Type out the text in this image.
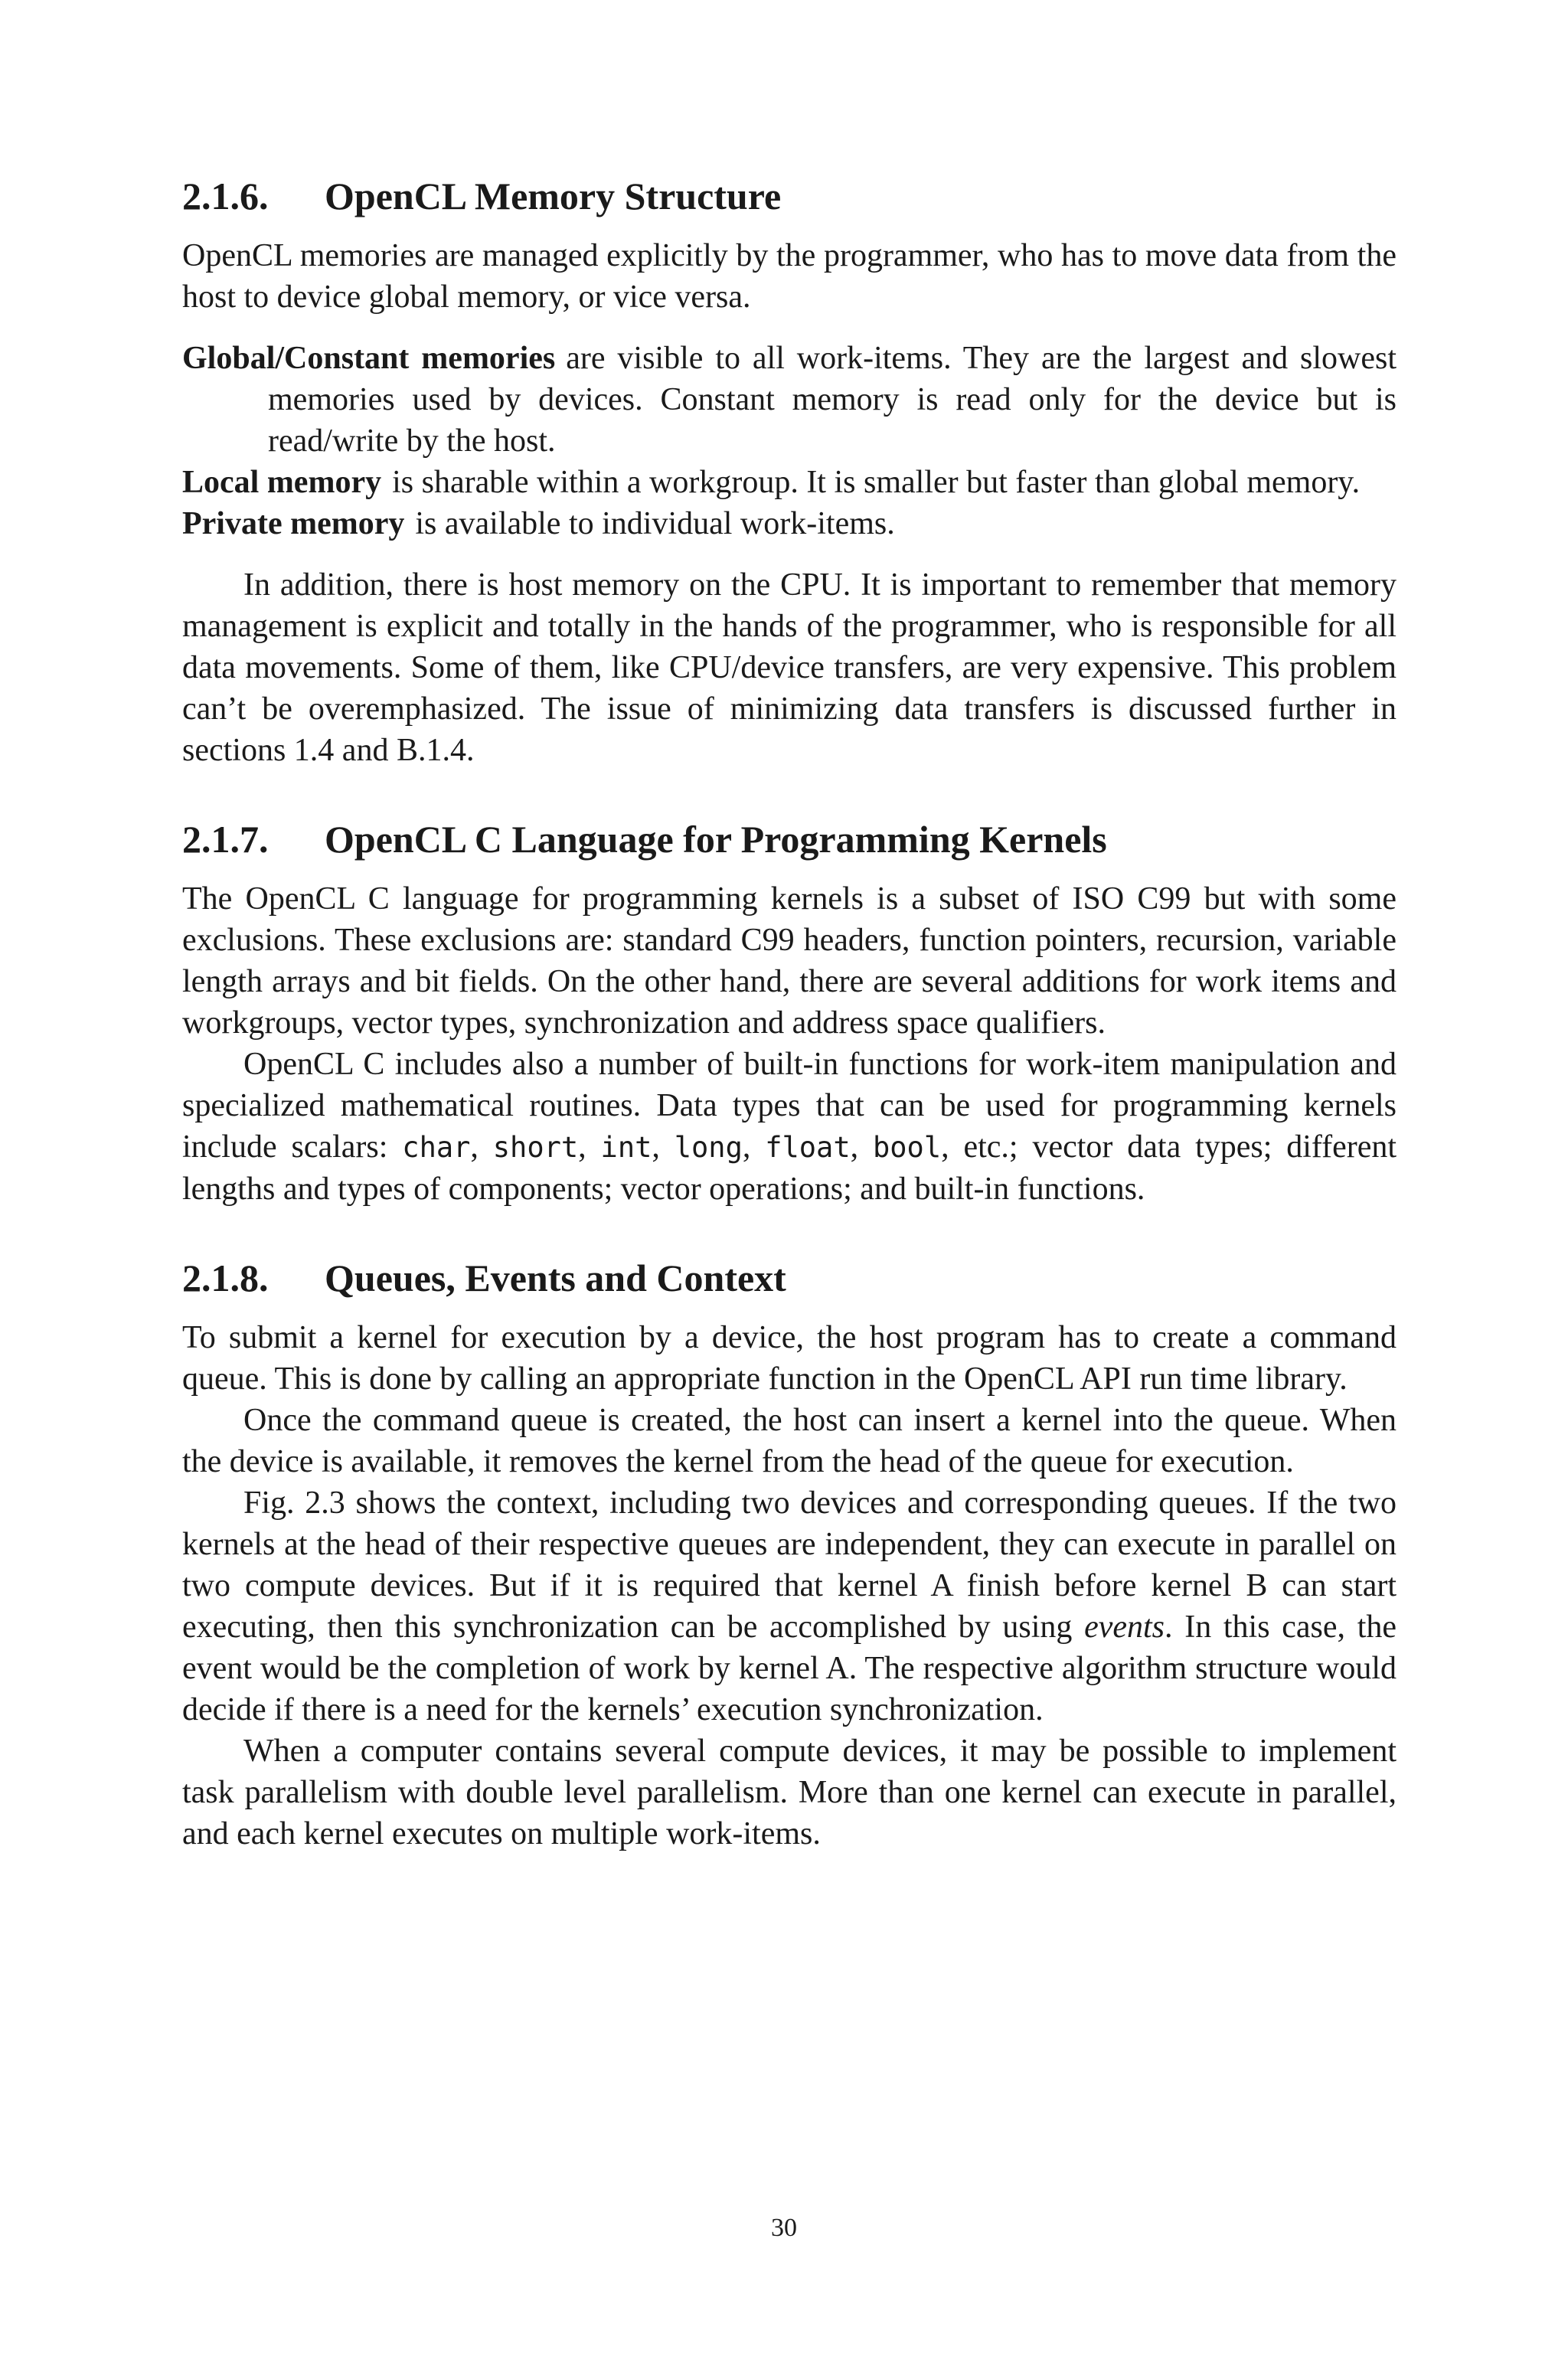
2.1.6. OpenCL Memory Structure

OpenCL memories are managed explicitly by the programmer, who has to move data from the host to device global memory, or vice versa.

Global/Constant memories are visible to all work-items. They are the largest and slowest memories used by devices. Constant memory is read only for the device but is read/write by the host.

Local memory is sharable within a workgroup. It is smaller but faster than global memory.

Private memory is available to individual work-items.

In addition, there is host memory on the CPU. It is important to remember that memory management is explicit and totally in the hands of the programmer, who is responsible for all data movements. Some of them, like CPU/device transfers, are very expensive. This problem can’t be overemphasized. The issue of minimizing data transfers is discussed further in sections 1.4 and B.1.4.

2.1.7. OpenCL C Language for Programming Kernels

The OpenCL C language for programming kernels is a subset of ISO C99 but with some exclusions. These exclusions are: standard C99 headers, function pointers, recursion, variable length arrays and bit fields. On the other hand, there are several additions for work items and workgroups, vector types, synchronization and address space qualifiers.

OpenCL C includes also a number of built-in functions for work-item manipulation and specialized mathematical routines. Data types that can be used for programming kernels include scalars: char, short, int, long, float, bool, etc.; vector data types; different lengths and types of components; vector operations; and built-in functions.

2.1.8. Queues, Events and Context

To submit a kernel for execution by a device, the host program has to create a command queue. This is done by calling an appropriate function in the OpenCL API run time library.

Once the command queue is created, the host can insert a kernel into the queue. When the device is available, it removes the kernel from the head of the queue for execution.

Fig. 2.3 shows the context, including two devices and corresponding queues. If the two kernels at the head of their respective queues are independent, they can execute in parallel on two compute devices. But if it is required that kernel A finish before kernel B can start executing, then this synchronization can be accomplished by using events. In this case, the event would be the completion of work by kernel A. The respective algorithm structure would decide if there is a need for the kernels’ execution synchronization.

When a computer contains several compute devices, it may be possible to implement task parallelism with double level parallelism. More than one kernel can execute in parallel, and each kernel executes on multiple work-items.

30
